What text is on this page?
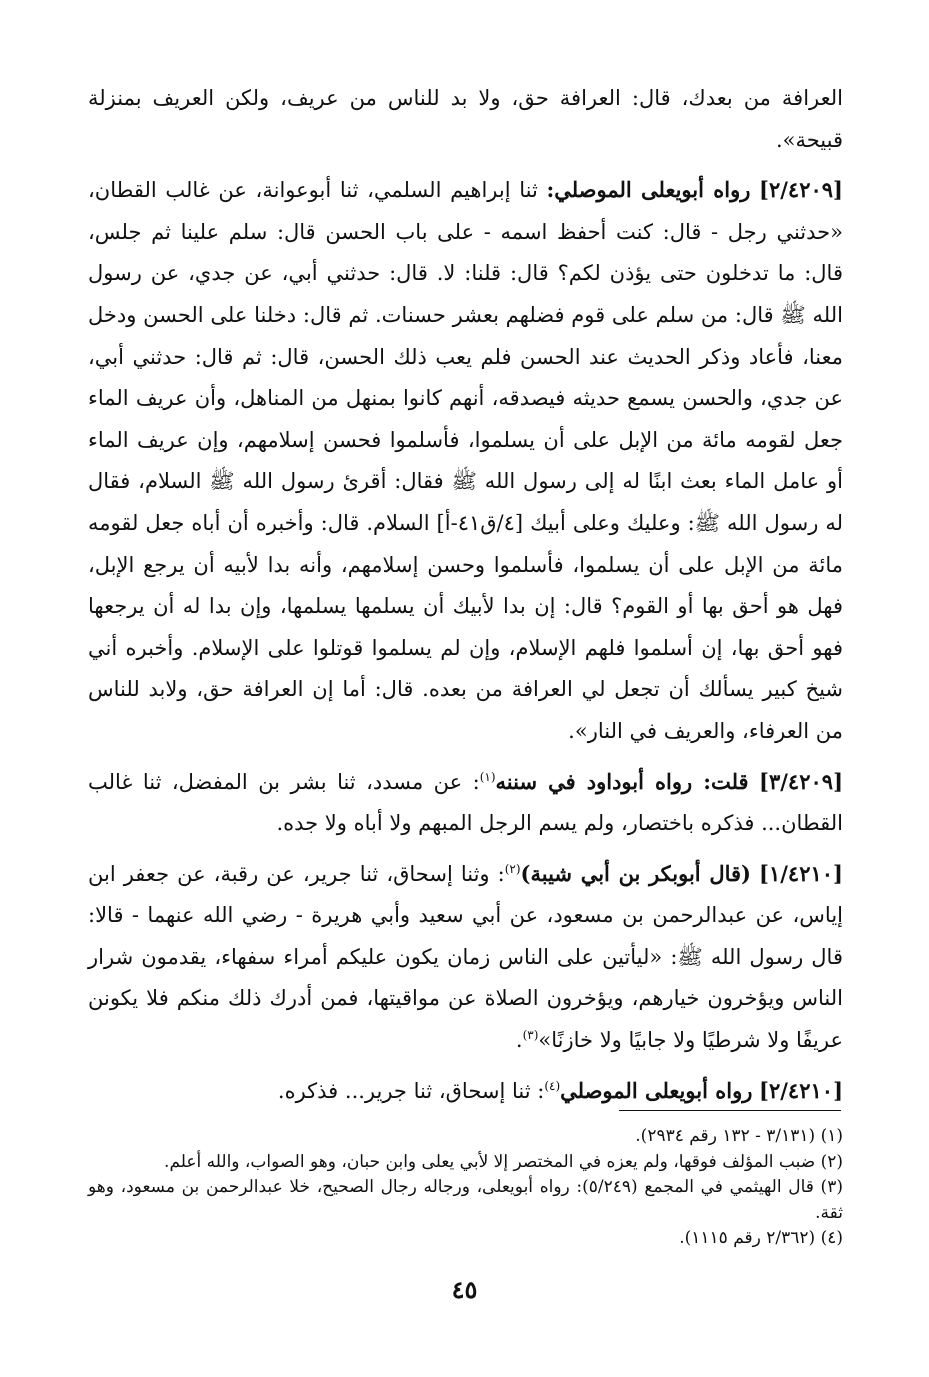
العرافة من بعدك، قال: العرافة حق، ولا بد للناس من عريف، ولكن العريف بمنزلة قبيحة».

[٢/٤٢٠٩] رواه أبويعلى الموصلي: ثنا إبراهيم السلمي، ثنا أبوعوانة، عن غالب القطان، «حدثني رجل - قال: كنت أحفظ اسمه - على باب الحسن قال: سلم علينا ثم جلس، قال: ما تدخلون حتى يؤذن لكم؟ قال: قلنا: لا. قال: حدثني أبي، عن جدي، عن رسول الله ﷺ قال: من سلم على قوم فضلهم بعشر حسنات. ثم قال: دخلنا على الحسن ودخل معنا، فأعاد وذكر الحديث عند الحسن فلم يعب ذلك الحسن، قال: ثم قال: حدثني أبي، عن جدي، والحسن يسمع حديثه فيصدقه، أنهم كانوا بمنهل من المناهل، وأن عريف الماء جعل لقومه مائة من الإبل على أن يسلموا، فأسلموا فحسن إسلامهم، وإن عريف الماء أو عامل الماء بعث ابنًا له إلى رسول الله ﷺ فقال: أقرئ رسول الله ﷺ السلام، فقال له رسول الله ﷺ: وعليك وعلى أبيك [٤/ق٤١-أ] السلام. قال: وأخبره أن أباه جعل لقومه مائة من الإبل على أن يسلموا، فأسلموا وحسن إسلامهم، وأنه بدا لأبيه أن يرجع الإبل، فهل هو أحق بها أو القوم؟ قال: إن بدا لأبيك أن يسلمها يسلمها، وإن بدا له أن يرجعها فهو أحق بها، إن أسلموا فلهم الإسلام، وإن لم يسلموا قوتلوا على الإسلام. وأخبره أني شيخ كبير يسألك أن تجعل لي العرافة من بعده. قال: أما إن العرافة حق، ولابد للناس من العرفاء، والعريف في النار».

[٣/٤٢٠٩] قلت: رواه أبوداود في سننه$^{(١)}$: عن مسدد، ثنا بشر بن المفضل، ثنا غالب القطان... فذكره باختصار، ولم يسم الرجل المبهم ولا أباه ولا جده.

[١/٤٢١٠] (قال أبوبكر بن أبي شيبة)$^{(٢)}$: وثنا إسحاق، ثنا جرير، عن رقبة، عن جعفر ابن إياس، عن عبدالرحمن بن مسعود، عن أبي سعيد وأبي هريرة - رضي الله عنهما - قالا: قال رسول الله ﷺ: «ليأتين على الناس زمان يكون عليكم أمراء سفهاء، يقدمون شرار الناس ويؤخرون خيارهم، ويؤخرون الصلاة عن مواقيتها، فمن أدرك ذلك منكم فلا يكونن عريفًا ولا شرطيًا ولا جابيًا ولا خازنًا»$^{(٣)}$.

[٢/٤٢١٠] رواه أبويعلى الموصلي$^{(٤)}$: ثنا إسحاق، ثنا جرير... فذكره.

(١) (٣/١٣١ - ١٣٢ رقم ٢٩٣٤).

(٢) ضبب المؤلف فوقها، ولم يعزه في المختصر إلا لأبي يعلى وابن حبان، وهو الصواب، والله أعلم.

(٣) قال الهيثمي في المجمع (٥/٢٤٩): رواه أبويعلى، ورجاله رجال الصحيح، خلا عبدالرحمن بن مسعود، وهو ثقة.

(٤) (٢/٣٦٢ رقم ١١١٥).

٤٥
